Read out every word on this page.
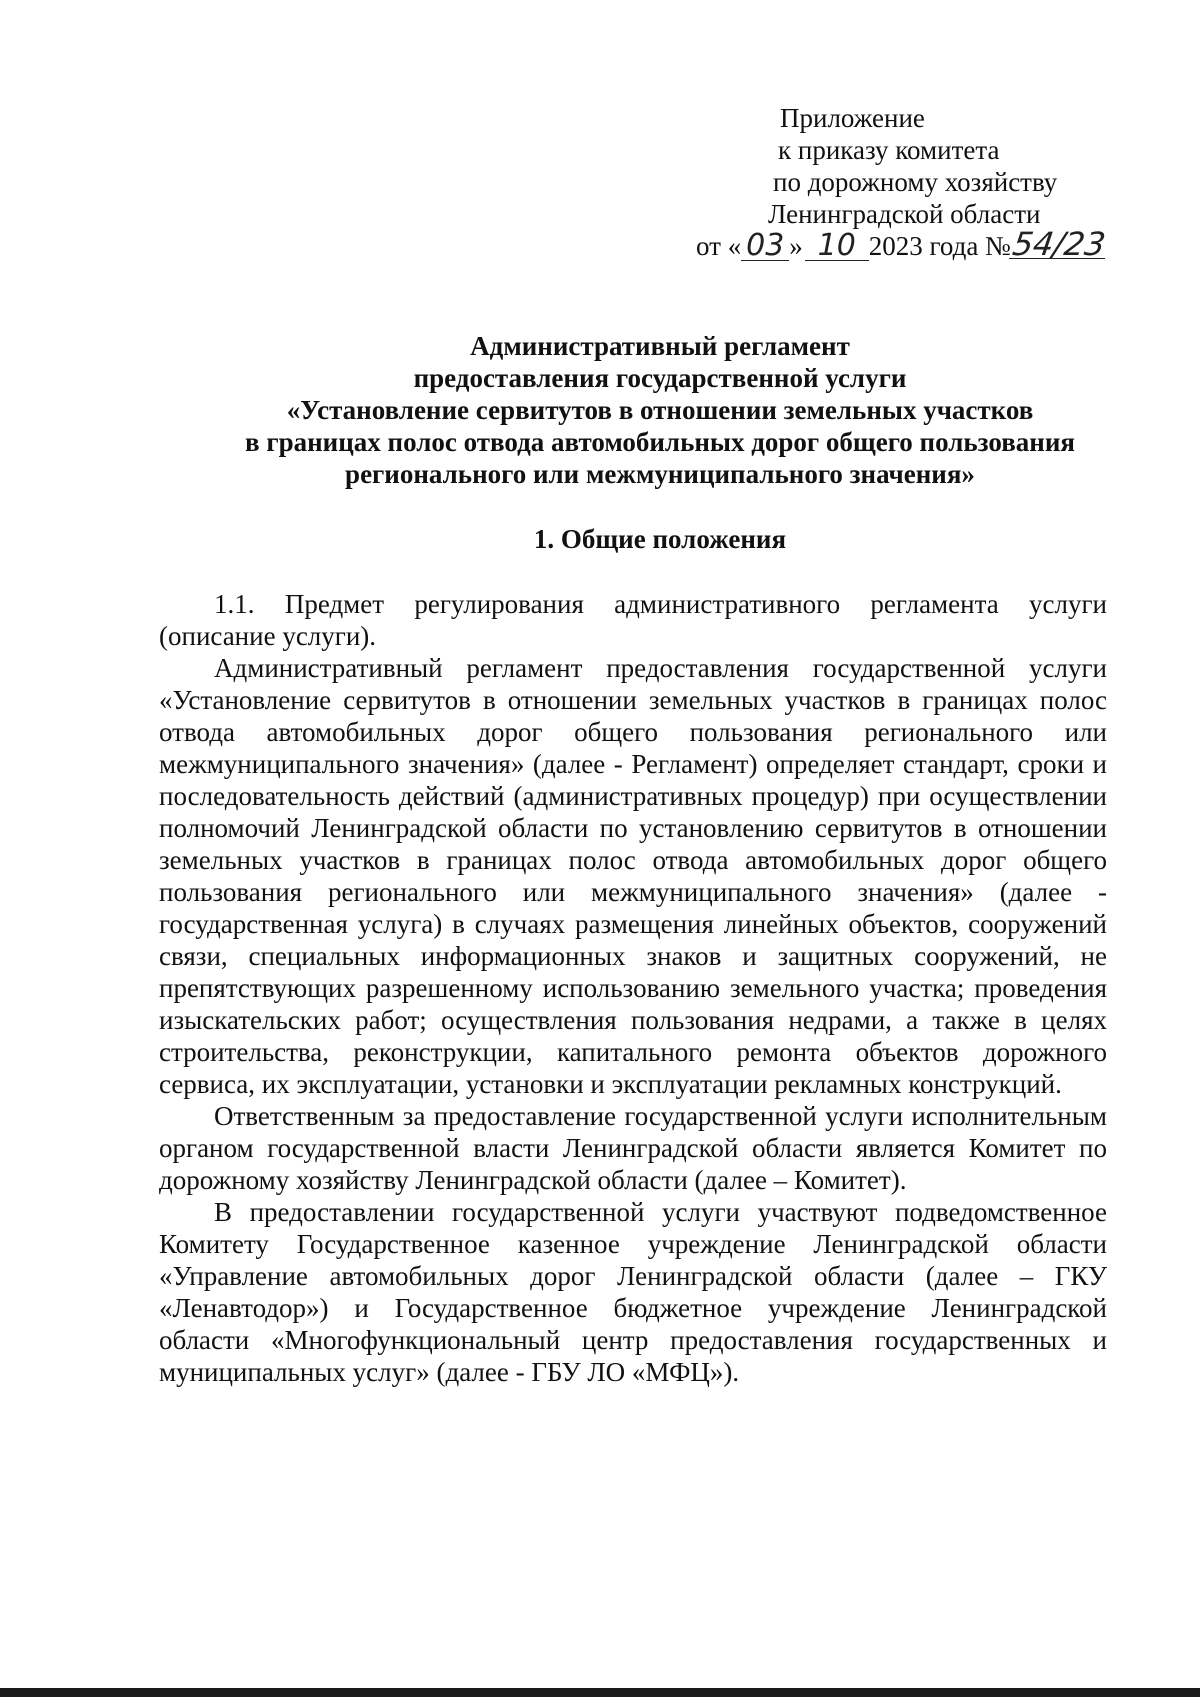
Приложение
к приказу комитета
по дорожному хозяйству
Ленинградской области
от « 03 » 10 2023 года №54/23
Административный регламент
предоставления государственной услуги
«Установление сервитутов в отношении земельных участков
в границах полос отвода автомобильных дорог общего пользования
регионального или межмуниципального значения»
1. Общие положения

1.1. Предмет регулирования административного регламента услуги (описание услуги).

Административный регламент предоставления государственной услуги «Установление сервитутов в отношении земельных участков в границах полос отвода автомобильных дорог общего пользования регионального или межмуниципального значения» (далее - Регламент) определяет стандарт, сроки и последовательность действий (административных процедур) при осуществлении полномочий Ленинградской области по установлению сервитутов в отношении земельных участков в границах полос отвода автомобильных дорог общего пользования регионального или межмуниципального значения» (далее - государственная услуга) в случаях размещения линейных объектов, сооружений связи, специальных информационных знаков и защитных сооружений, не препятствующих разрешенному использованию земельного участка; проведения изыскательских работ; осуществления пользования недрами, а также в целях строительства, реконструкции, капитального ремонта объектов дорожного сервиса, их эксплуатации, установки и эксплуатации рекламных конструкций.

Ответственным за предоставление государственной услуги исполнительным органом государственной власти Ленинградской области является Комитет по дорожному хозяйству Ленинградской области (далее – Комитет).

В предоставлении государственной услуги участвуют подведомственное Комитету Государственное казенное учреждение Ленинградской области «Управление автомобильных дорог Ленинградской области (далее – ГКУ «Ленавтодор») и Государственное бюджетное учреждение Ленинградской области «Многофункциональный центр предоставления государственных и муниципальных услуг» (далее - ГБУ ЛО «МФЦ»).
